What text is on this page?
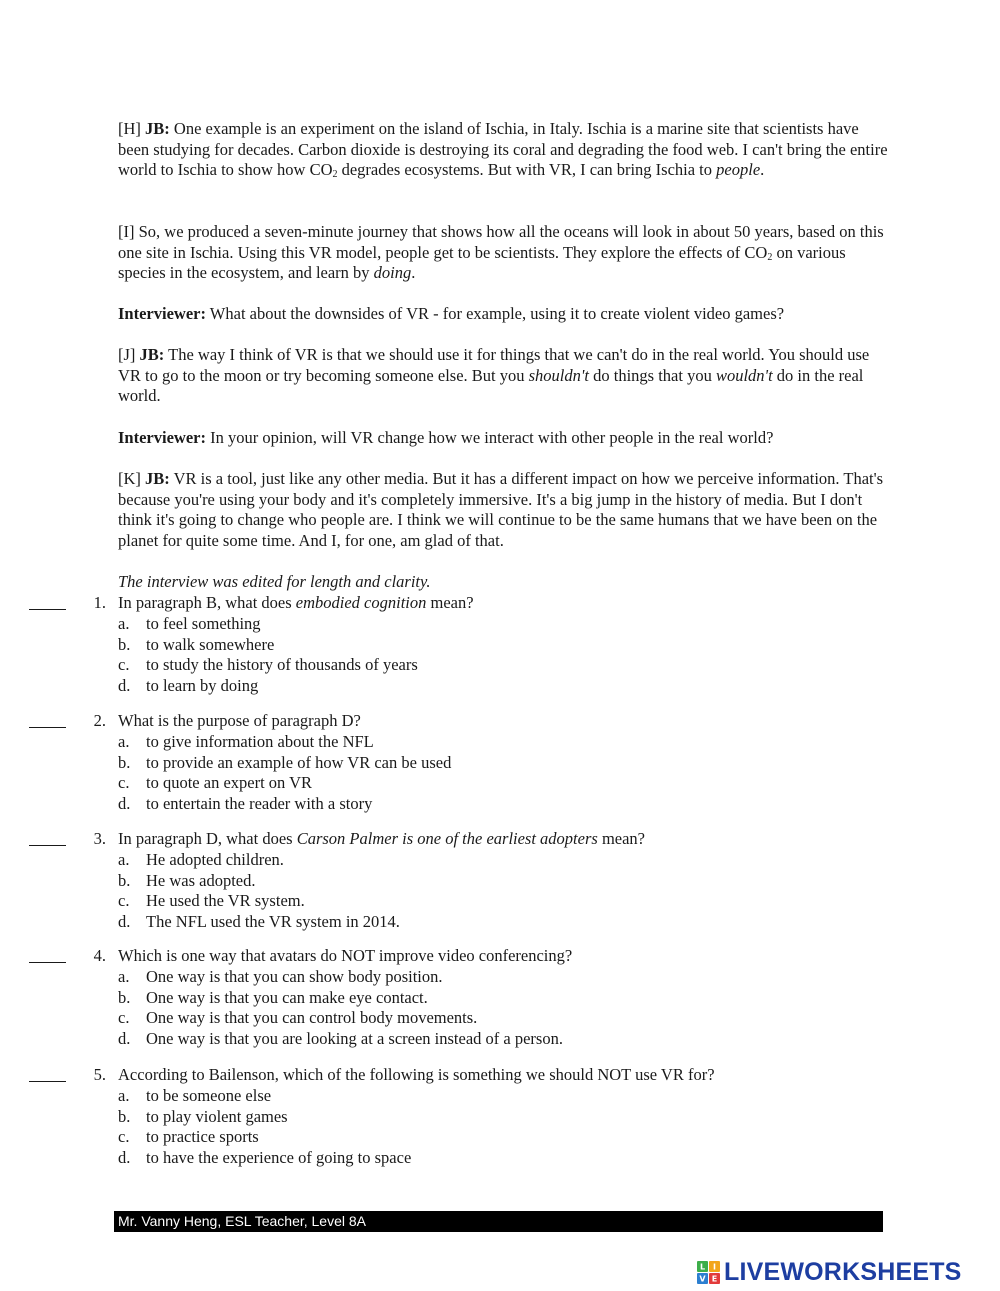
[H] JB: One example is an experiment on the island of Ischia, in Italy. Ischia is a marine site that scientists have been studying for decades. Carbon dioxide is destroying its coral and degrading the food web. I can't bring the entire world to Ischia to show how $CO_2$ degrades ecosystems. But with VR, I can bring Ischia to people.

[I] So, we produced a seven-minute journey that shows how all the oceans will look in about 50 years, based on this one site in Ischia. Using this VR model, people get to be scientists. They explore the effects of $CO_2$ on various species in the ecosystem, and learn by doing.

Interviewer: What about the downsides of VR - for example, using it to create violent video games?

[J] JB: The way I think of VR is that we should use it for things that we can't do in the real world. You should use VR to go to the moon or try becoming someone else. But you shouldn't do things that you wouldn't do in the real world.

Interviewer: In your opinion, will VR change how we interact with other people in the real world?

[K] JB: VR is a tool, just like any other media. But it has a different impact on how we perceive information. That's because you're using your body and it's completely immersive. It's a big jump in the history of media. But I don't think it's going to change who people are. I think we will continue to be the same humans that we have been on the planet for quite some time. And I, for one, am glad of that.

The interview was edited for length and clarity.

1. In paragraph B, what does embodied cognition mean?
a. to feel something
b. to walk somewhere
c. to study the history of thousands of years
d. to learn by doing
2. What is the purpose of paragraph D?
a. to give information about the NFL
b. to provide an example of how VR can be used
c. to quote an expert on VR
d. to entertain the reader with a story
3. In paragraph D, what does Carson Palmer is one of the earliest adopters mean?
a. He adopted children.
b. He was adopted.
c. He used the VR system.
d. The NFL used the VR system in 2014.
4. Which is one way that avatars do NOT improve video conferencing?
a. One way is that you can show body position.
b. One way is that you can make eye contact.
c. One way is that you can control body movements.
d. One way is that you are looking at a screen instead of a person.
5. According to Bailenson, which of the following is something we should NOT use VR for?
a. to be someone else
b. to play violent games
c. to practice sports
d. to have the experience of going to space
Mr. Vanny Heng, ESL Teacher, Level 8A
L I
V E LIVEWORKSHEETS
